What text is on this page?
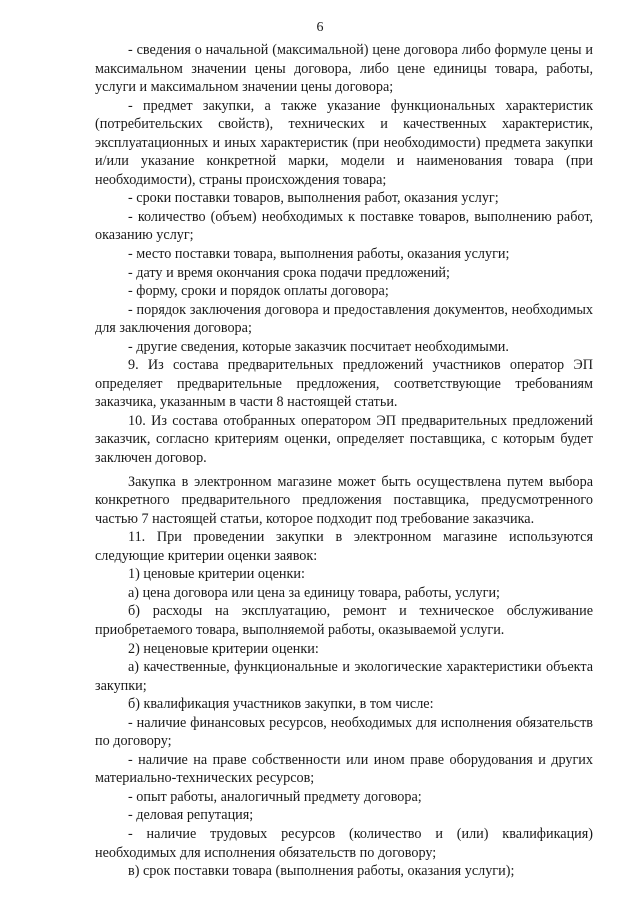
6

- сведения о начальной (максимальной) цене договора либо формуле цены и максимальном значении цены договора, либо цене единицы товара, работы, услуги и максимальном значении цены договора;

- предмет закупки, а также указание функциональных характеристик (потребительских свойств), технических и качественных характеристик, эксплуатационных и иных характеристик (при необходимости) предмета закупки и/или указание конкретной марки, модели и наименования товара (при необходимости), страны происхождения товара;

- сроки поставки товаров, выполнения работ, оказания услуг;

- количество (объем) необходимых к поставке товаров, выполнению работ, оказанию услуг;

- место поставки товара, выполнения работы, оказания услуги;

- дату и время окончания срока подачи предложений;

- форму, сроки и порядок оплаты договора;

- порядок заключения договора и предоставления документов, необходимых для заключения договора;

- другие сведения, которые заказчик посчитает необходимыми.

9. Из состава предварительных предложений участников оператор ЭП определяет предварительные предложения, соответствующие требованиям заказчика, указанным в части 8 настоящей статьи.

10. Из состава отобранных оператором ЭП предварительных предложений заказчик, согласно критериям оценки, определяет поставщика, с которым будет заключен договор.

Закупка в электронном магазине может быть осуществлена путем выбора конкретного предварительного предложения поставщика, предусмотренного частью 7 настоящей статьи, которое подходит под требование заказчика.

11. При проведении закупки в электронном магазине используются следующие критерии оценки заявок:

1) ценовые критерии оценки:

а) цена договора или цена за единицу товара, работы, услуги;

б) расходы на эксплуатацию, ремонт и техническое обслуживание приобретаемого товара, выполняемой работы, оказываемой услуги.

2) неценовые критерии оценки:

а) качественные, функциональные и экологические характеристики объекта закупки;

б) квалификация участников закупки, в том числе:

- наличие финансовых ресурсов, необходимых для исполнения обязательств по договору;

- наличие на праве собственности или ином праве оборудования и других материально-технических ресурсов;

- опыт работы, аналогичный предмету договора;

- деловая репутация;

- наличие трудовых ресурсов (количество и (или) квалификация) необходимых для исполнения обязательств по договору;

в) срок поставки товара (выполнения работы, оказания услуги);
